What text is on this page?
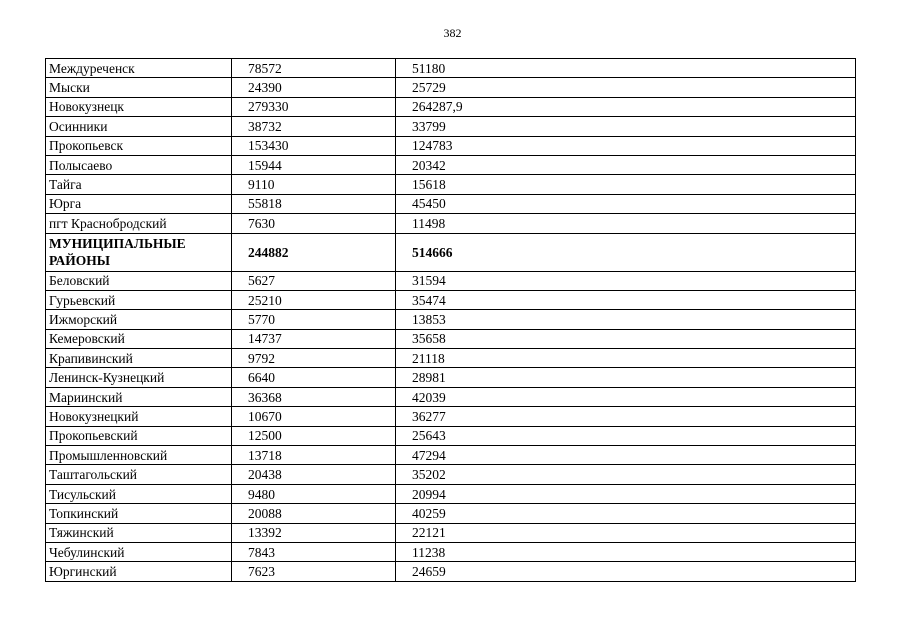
382
Междуреченск	78572	51180
Мыски	24390	25729
Новокузнецк	279330	264287,9
Осинники	38732	33799
Прокопьевск	153430	124783
Полысаево	15944	20342
Тайга	9110	15618
Юрга	55818	45450
пгт Краснобродский	7630	11498
МУНИЦИПАЛЬНЫЕ РАЙОНЫ	244882	514666
Беловский	5627	31594
Гурьевский	25210	35474
Ижморский	5770	13853
Кемеровский	14737	35658
Крапивинский	9792	21118
Ленинск-Кузнецкий	6640	28981
Мариинский	36368	42039
Новокузнецкий	10670	36277
Прокопьевский	12500	25643
Промышленновский	13718	47294
Таштагольский	20438	35202
Тисульский	9480	20994
Топкинский	20088	40259
Тяжинский	13392	22121
Чебулинский	7843	11238
Юргинский	7623	24659
